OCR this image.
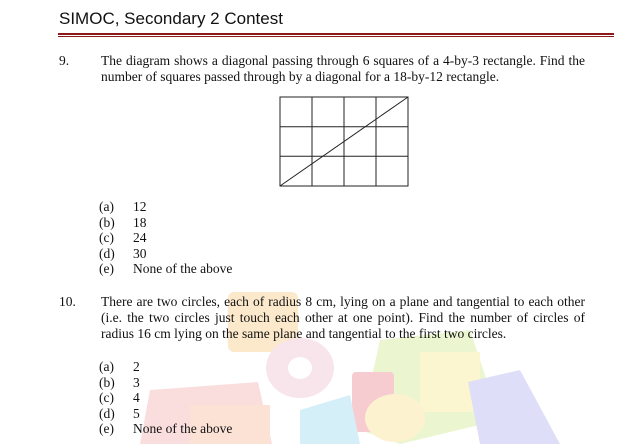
SIMOC, Secondary 2 Contest
9. The diagram shows a diagonal passing through 6 squares of a 4-by-3 rectangle. Find the number of squares passed through by a diagonal for a 18-by-12 rectangle.
(a)	12
(b)	18
(c)	24
(d)	30
(e)	None of the above
10. There are two circles, each of radius 8 cm, lying on a plane and tangential to each other (i.e. the two circles just touch each other at one point). Find the number of circles of radius 16 cm lying on the same plane and tangential to the first two circles.
(a)	2
(b)	3
(c)	4
(d)	5
(e)	None of the above
